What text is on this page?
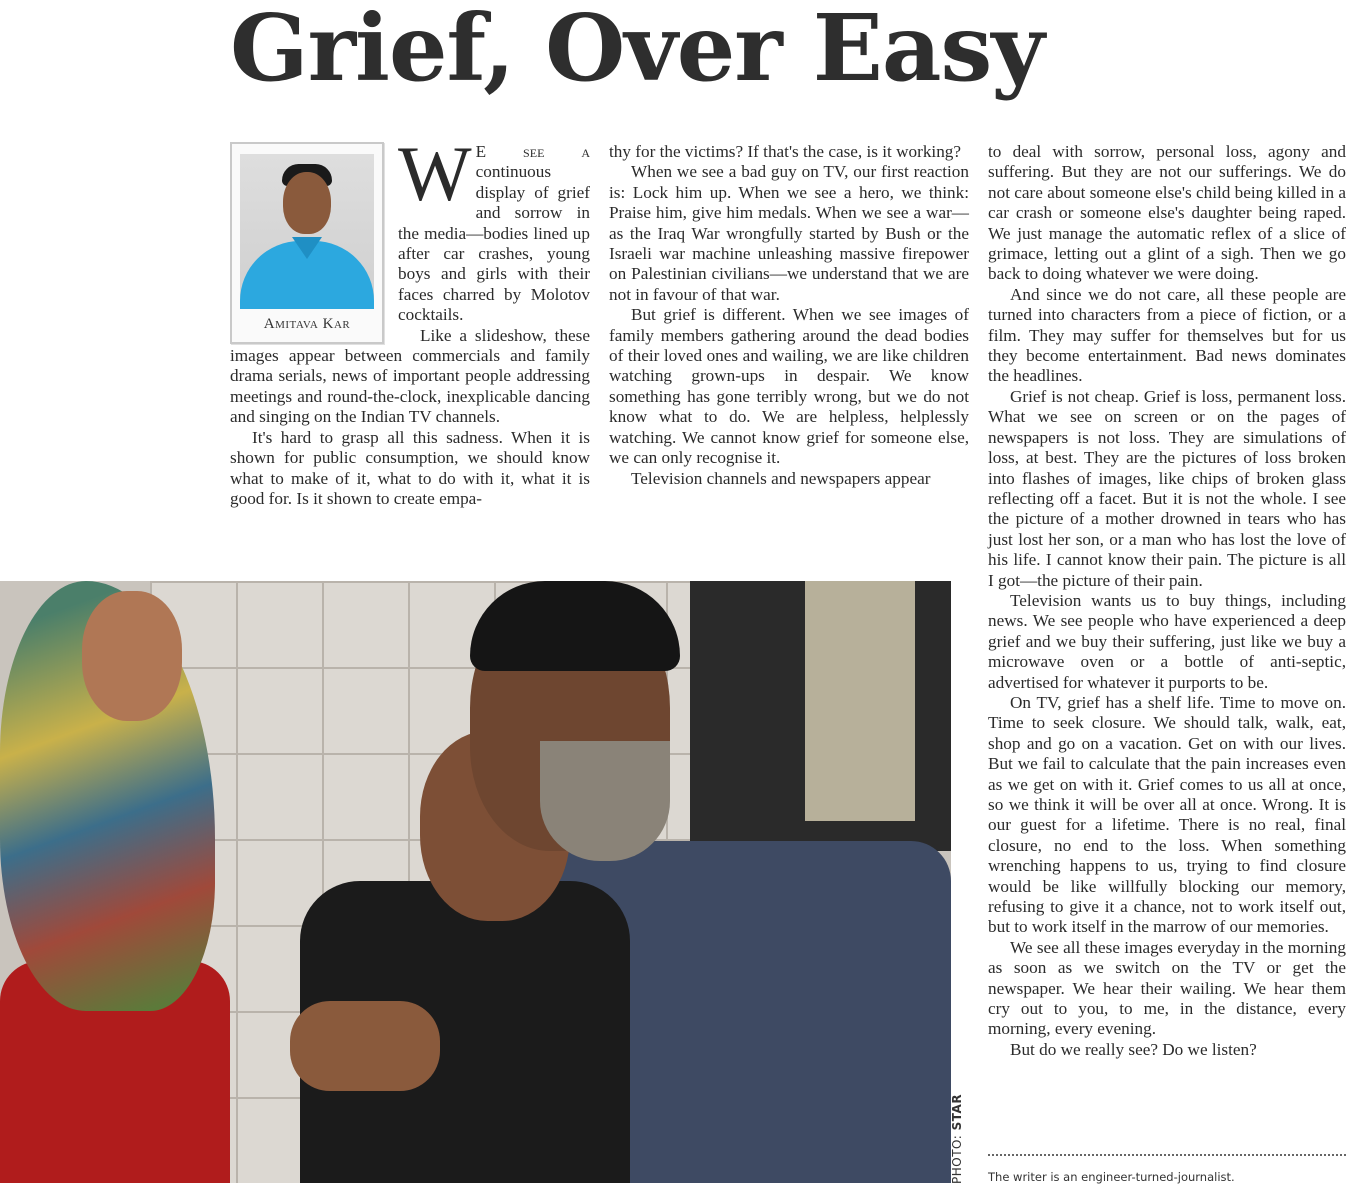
Grief, Over Easy
Amitava Kar

W E see a continuous display of grief and sorrow in the media—bodies lined up after car crashes, young boys and girls with their faces charred by Molotov cocktails.

Like a slideshow, these images appear between commercials and family drama serials, news of important people addressing meetings and round-the-clock, inexplicable dancing and singing on the Indian TV channels.

It's hard to grasp all this sadness. When it is shown for public consumption, we should know what to make of it, what to do with it, what it is good for. Is it shown to create empa-

thy for the victims? If that's the case, is it working?

When we see a bad guy on TV, our first reaction is: Lock him up. When we see a hero, we think: Praise him, give him medals. When we see a war—as the Iraq War wrongfully started by Bush or the Israeli war machine unleashing massive firepower on Palestinian civilians—we understand that we are not in favour of that war.

But grief is different. When we see images of family members gathering around the dead bodies of their loved ones and wailing, we are like children watching grown-ups in despair. We know something has gone terribly wrong, but we do not know what to do. We are helpless, helplessly watching. We cannot know grief for someone else, we can only recognise it.

Television channels and newspapers appear

to deal with sorrow, personal loss, agony and suffering. But they are not our sufferings. We do not care about someone else's child being killed in a car crash or someone else's daughter being raped. We just manage the automatic reflex of a slice of grimace, letting out a glint of a sigh. Then we go back to doing whatever we were doing.

And since we do not care, all these people are turned into characters from a piece of fiction, or a film. They may suffer for themselves but for us they become entertainment. Bad news dominates the headlines.

Grief is not cheap. Grief is loss, permanent loss. What we see on screen or on the pages of newspapers is not loss. They are simulations of loss, at best. They are the pictures of loss broken into flashes of images, like chips of broken glass reflecting off a facet. But it is not the whole. I see the picture of a mother drowned in tears who has just lost her son, or a man who has lost the love of his life. I cannot know their pain. The picture is all I got—the picture of their pain.

Television wants us to buy things, including news. We see people who have experienced a deep grief and we buy their suffering, just like we buy a microwave oven or a bottle of anti-septic, advertised for whatever it purports to be.

On TV, grief has a shelf life. Time to move on. Time to seek closure. We should talk, walk, eat, shop and go on a vacation. Get on with our lives. But we fail to calculate that the pain increases even as we get on with it. Grief comes to us all at once, so we think it will be over all at once. Wrong. It is our guest for a lifetime. There is no real, final closure, no end to the loss. When something wrenching happens to us, trying to find closure would be like willfully blocking our memory, refusing to give it a chance, not to work itself out, but to work itself in the marrow of our memories.

We see all these images everyday in the morning as soon as we switch on the TV or get the newspaper. We hear their wailing. We hear them cry out to you, to me, in the distance, every morning, every evening.

But do we really see? Do we listen?

PHOTO: STAR
The writer is an engineer-turned-journalist.
